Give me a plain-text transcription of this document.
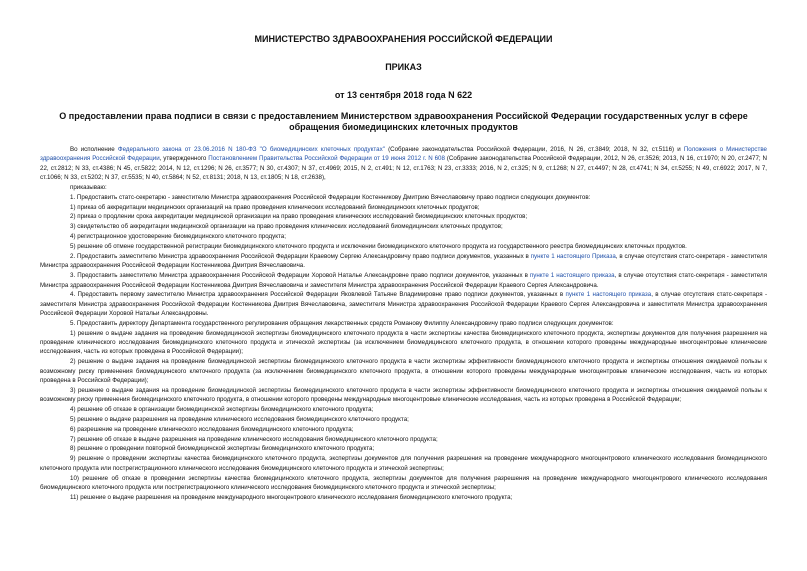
МИНИСТЕРСТВО ЗДРАВООХРАНЕНИЯ РОССИЙСКОЙ ФЕДЕРАЦИИ
ПРИКАЗ
от 13 сентября 2018 года N 622
О предоставлении права подписи в связи с предоставлением Министерством здравоохранения Российской Федерации государственных услуг в сфере обращения биомедицинских клеточных продуктов

Во исполнение Федерального закона от 23.06.2016 N 180-ФЗ "О биомедицинских клеточных продуктах" (Собрание законодательства Российской Федерации, 2016, N 26, ст.3849; 2018, N 32, ст.5116) и Положения о Министерстве здравоохранения Российской Федерации, утвержденного Постановлением Правительства Российской Федерации от 19 июня 2012 г. N 608 (Собрание законодательства Российской Федерации, 2012, N 26, ст.3526; 2013, N 16, ст.1970; N 20, ст.2477; N 22, ст.2812; N 33, ст.4386; N 45, ст.5822; 2014, N 12, ст.1296; N 26, ст.3577; N 30, ст.4307; N 37, ст.4969; 2015, N 2, ст.491; N 12, ст.1763; N 23, ст.3333; 2016, N 2, ст.325; N 9, ст.1268; N 27, ст.4497; N 28, ст.4741; N 34, ст.5255; N 49, ст.6922; 2017, N 7, ст.1066; N 33, ст.5202; N 37, ст.5535; N 40, ст.5864; N 52, ст.8131; 2018, N 13, ст.1805; N 18, ст.2638),

приказываю:

1. Предоставить статс-секретарю - заместителю Министра здравоохранения Российской Федерации Костенникову Дмитрию Вячеславовичу право подписи следующих документов:

1) приказ об аккредитации медицинских организаций на право проведения клинических исследований биомедицинских клеточных продуктов;

2) приказ о продлении срока аккредитации медицинской организации на право проведения клинических исследований биомедицинских клеточных продуктов;

3) свидетельство об аккредитации медицинской организации на право проведения клинических исследований биомедицинских клеточных продуктов;

4) регистрационное удостоверение биомедицинского клеточного продукта;

5) решение об отмене государственной регистрации биомедицинского клеточного продукта и исключении биомедицинского клеточного продукта из государственного реестра биомедицинских клеточных продуктов.

2. Предоставить заместителю Министра здравоохранения Российской Федерации Краевому Сергею Александровичу право подписи документов, указанных в пункте 1 настоящего Приказа, в случае отсутствия статс-секретаря - заместителя Министра здравоохранения Российской Федерации Костенникова Дмитрия Вячеславовича.

3. Предоставить заместителю Министра здравоохранения Российской Федерации Хоровой Наталье Александровне право подписи документов, указанных в пункте 1 настоящего приказа, в случае отсутствия статс-секретаря - заместителя Министра здравоохранения Российской Федерации Костенникова Дмитрия Вячеславовича и заместителя Министра здравоохранения Российской Федерации Краевого Сергея Александровича.

4. Предоставить первому заместителю Министра здравоохранения Российской Федерации Яковлевой Татьяне Владимировне право подписи документов, указанных в пункте 1 настоящего приказа, в случае отсутствия статс-секретаря - заместителя Министра здравоохранения Российской Федерации Костенникова Дмитрия Вячеславовича, заместителя Министра здравоохранения Российской Федерации Краевого Сергея Александровича и заместителя Министра здравоохранения Российской Федерации Хоровой Натальи Александровны.

5. Предоставить директору Департамента государственного регулирования обращения лекарственных средств Романову Филиппу Александровичу право подписи следующих документов:

1) решение о выдаче задания на проведение биомедицинской экспертизы биомедицинского клеточного продукта в части экспертизы качества биомедицинского клеточного продукта, экспертизы документов для получения разрешения на проведение клинического исследования биомедицинского клеточного продукта и этической экспертизы (за исключением биомедицинского клеточного продукта, в отношении которого проведены международные многоцентровые клинические исследования, часть из которых проведена в Российской Федерации);

2) решение о выдаче задания на проведение биомедицинской экспертизы биомедицинского клеточного продукта в части экспертизы эффективности биомедицинского клеточного продукта и экспертизы отношения ожидаемой пользы к возможному риску применения биомедицинского клеточного продукта (за исключением биомедицинского клеточного продукта, в отношении которого проведены международные многоцентровые клинические исследования, часть из которых проведена в Российской Федерации);

3) решение о выдаче задания на проведение биомедицинской экспертизы биомедицинского клеточного продукта в части экспертизы эффективности биомедицинского клеточного продукта и экспертизы отношения ожидаемой пользы к возможному риску применения биомедицинского клеточного продукта, в отношении которого проведены международные многоцентровые клинические исследования, часть из которых проведена в Российской Федерации;

4) решение об отказе в организации биомедицинской экспертизы биомедицинского клеточного продукта;

5) решение о выдаче разрешения на проведение клинического исследования биомедицинского клеточного продукта;

6) разрешение на проведение клинического исследования биомедицинского клеточного продукта;

7) решение об отказе в выдаче разрешения на проведение клинического исследования биомедицинского клеточного продукта;

8) решение о проведении повторной биомедицинской экспертизы биомедицинского клеточного продукта;

9) решение о проведении экспертизы качества биомедицинского клеточного продукта, экспертизы документов для получения разрешения на проведение международного многоцентрового клинического исследования биомедицинского клеточного продукта или пострегистрационного клинического исследования биомедицинского клеточного продукта и этической экспертизы;

10) решение об отказе в проведении экспертизы качества биомедицинского клеточного продукта, экспертизы документов для получения разрешения на проведение международного многоцентрового клинического исследования биомедицинского клеточного продукта или пострегистрационного клинического исследования биомедицинского клеточного продукта и этической экспертизы;

11) решение о выдаче разрешения на проведение международного многоцентрового клинического исследования биомедицинского клеточного продукта;
